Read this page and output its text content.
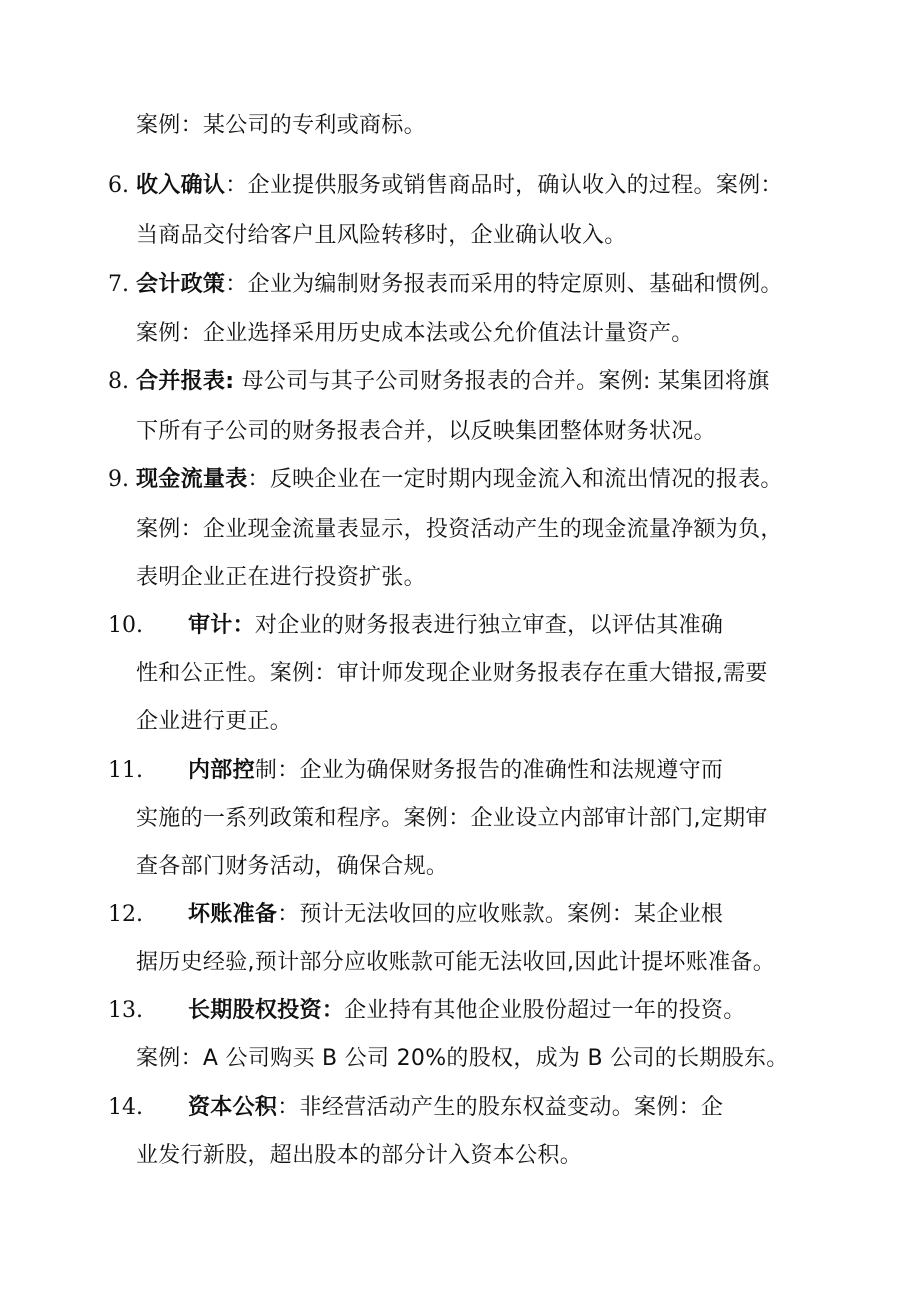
案例：某公司的专利或商标。
6. 收入确认：企业提供服务或销售商品时，确认收入的过程。案例：
当商品交付给客户且风险转移时，企业确认收入。
7. 会计政策：企业为编制财务报表而采用的特定原则、基础和惯例。
案例：企业选择采用历史成本法或公允价值法计量资产。
8. 合并报表: 母公司与其子公司财务报表的合并。案例: 某集团将旗
下所有子公司的财务报表合并，以反映集团整体财务状况。
9. 现金流量表：反映企业在一定时期内现金流入和流出情况的报表。
案例：企业现金流量表显示，投资活动产生的现金流量净额为负，
表明企业正在进行投资扩张。
10. 审计：对企业的财务报表进行独立审查，以评估其准确
性和公正性。案例：审计师发现企业财务报表存在重大错报,需要
企业进行更正。
11. 内部控制：企业为确保财务报告的准确性和法规遵守而
实施的一系列政策和程序。案例：企业设立内部审计部门,定期审
查各部门财务活动，确保合规。
12. 坏账准备：预计无法收回的应收账款。案例：某企业根
据历史经验,预计部分应收账款可能无法收回,因此计提坏账准备。
13. 长期股权投资：企业持有其他企业股份超过一年的投资。
案例：A 公司购买 B 公司 20%的股权，成为 B 公司的长期股东。
14. 资本公积：非经营活动产生的股东权益变动。案例：企
业发行新股，超出股本的部分计入资本公积。
